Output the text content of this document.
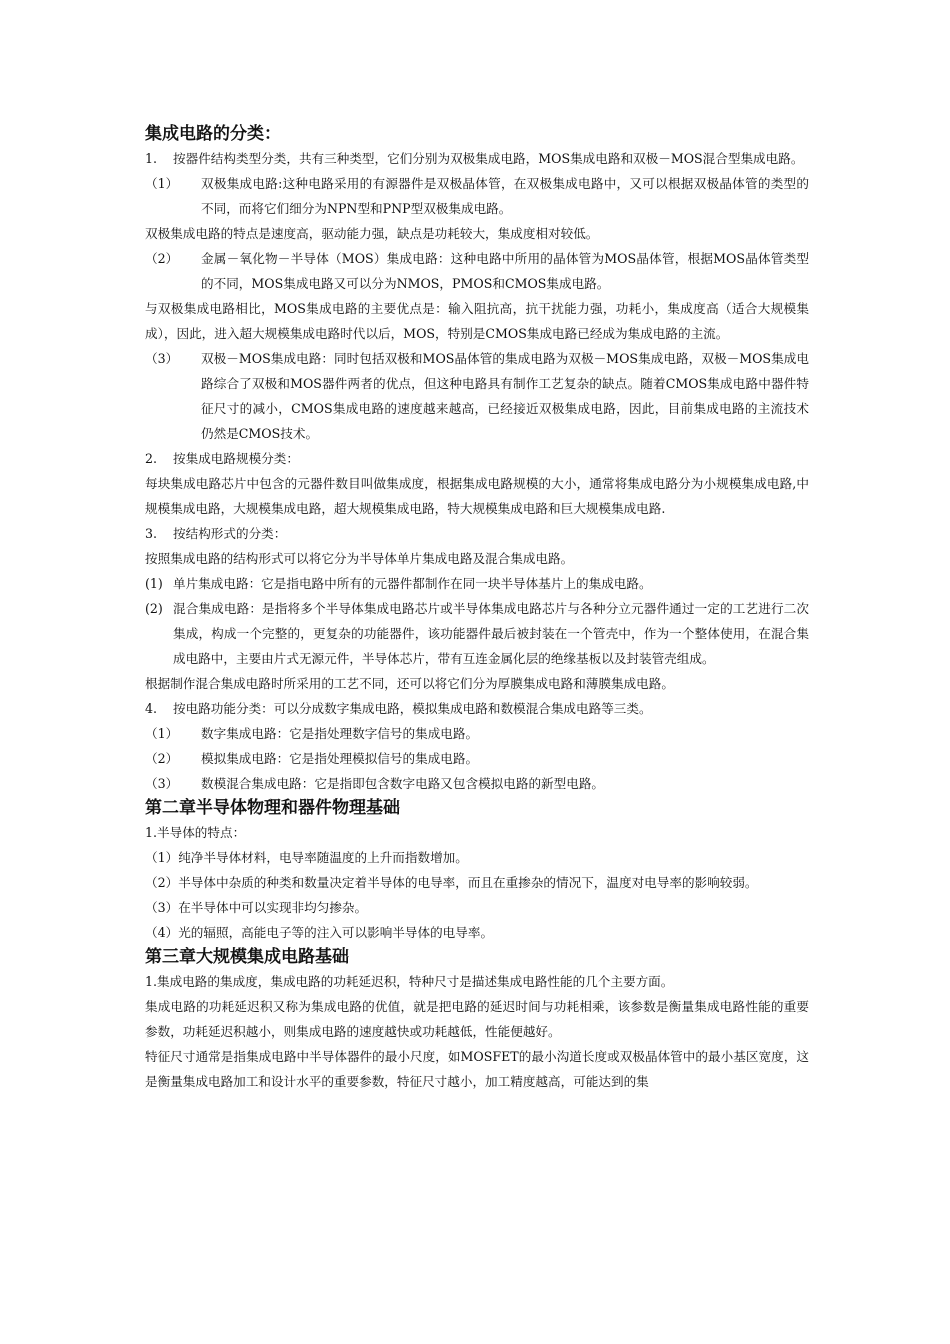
集成电路的分类：
1.	按器件结构类型分类，共有三种类型，它们分别为双极集成电路，MOS集成电路和双极－MOS混合型集成电路。
（1）	双极集成电路:这种电路采用的有源器件是双极晶体管，在双极集成电路中，又可以根据双极晶体管的类型的不同，而将它们细分为NPN型和PNP型双极集成电路。

双极集成电路的特点是速度高，驱动能力强，缺点是功耗较大，集成度相对较低。

（2）	金属－氧化物－半导体（MOS）集成电路：这种电路中所用的晶体管为MOS晶体管，根据MOS晶体管类型的不同，MOS集成电路又可以分为NMOS，PMOS和CMOS集成电路。

与双极集成电路相比，MOS集成电路的主要优点是：输入阻抗高，抗干扰能力强，功耗小，集成度高（适合大规模集成），因此，进入超大规模集成电路时代以后，MOS，特别是CMOS集成电路已经成为集成电路的主流。

（3）	双极－MOS集成电路：同时包括双极和MOS晶体管的集成电路为双极－MOS集成电路，双极－MOS集成电路综合了双极和MOS器件两者的优点，但这种电路具有制作工艺复杂的缺点。随着CMOS集成电路中器件特征尺寸的减小，CMOS集成电路的速度越来越高，已经接近双极集成电路，因此，目前集成电路的主流技术仍然是CMOS技术。
2.	按集成电路规模分类：

每块集成电路芯片中包含的元器件数目叫做集成度，根据集成电路规模的大小，通常将集成电路分为小规模集成电路,中规模集成电路，大规模集成电路，超大规模集成电路，特大规模集成电路和巨大规模集成电路.

3.	按结构形式的分类：

按照集成电路的结构形式可以将它分为半导体单片集成电路及混合集成电路。

(1) 单片集成电路：它是指电路中所有的元器件都制作在同一块半导体基片上的集成电路。
(2) 混合集成电路：是指将多个半导体集成电路芯片或半导体集成电路芯片与各种分立元器件通过一定的工艺进行二次集成，构成一个完整的，更复杂的功能器件，该功能器件最后被封装在一个管壳中，作为一个整体使用，在混合集成电路中，主要由片式无源元件，半导体芯片，带有互连金属化层的绝缘基板以及封装管壳组成。

根据制作混合集成电路时所采用的工艺不同，还可以将它们分为厚膜集成电路和薄膜集成电路。

4.	按电路功能分类：可以分成数字集成电路，模拟集成电路和数模混合集成电路等三类。
（1）	数字集成电路：它是指处理数字信号的集成电路。
（2）	模拟集成电路：它是指处理模拟信号的集成电路。
（3）	数模混合集成电路：它是指即包含数字电路又包含模拟电路的新型电路。
第二章半导体物理和器件物理基础

1.半导体的特点：

（1）纯净半导体材料，电导率随温度的上升而指数增加。

（2）半导体中杂质的种类和数量决定着半导体的电导率，而且在重掺杂的情况下，温度对电导率的影响较弱。

（3）在半导体中可以实现非均匀掺杂。

（4）光的辐照，高能电子等的注入可以影响半导体的电导率。

第三章大规模集成电路基础

1.集成电路的集成度，集成电路的功耗延迟积，特种尺寸是描述集成电路性能的几个主要方面。

集成电路的功耗延迟积又称为集成电路的优值，就是把电路的延迟时间与功耗相乘，该参数是衡量集成电路性能的重要参数，功耗延迟积越小，则集成电路的速度越快或功耗越低，性能便越好。

特征尺寸通常是指集成电路中半导体器件的最小尺度，如MOSFET的最小沟道长度或双极晶体管中的最小基区宽度，这是衡量集成电路加工和设计水平的重要参数，特征尺寸越小，加工精度越高，可能达到的集
